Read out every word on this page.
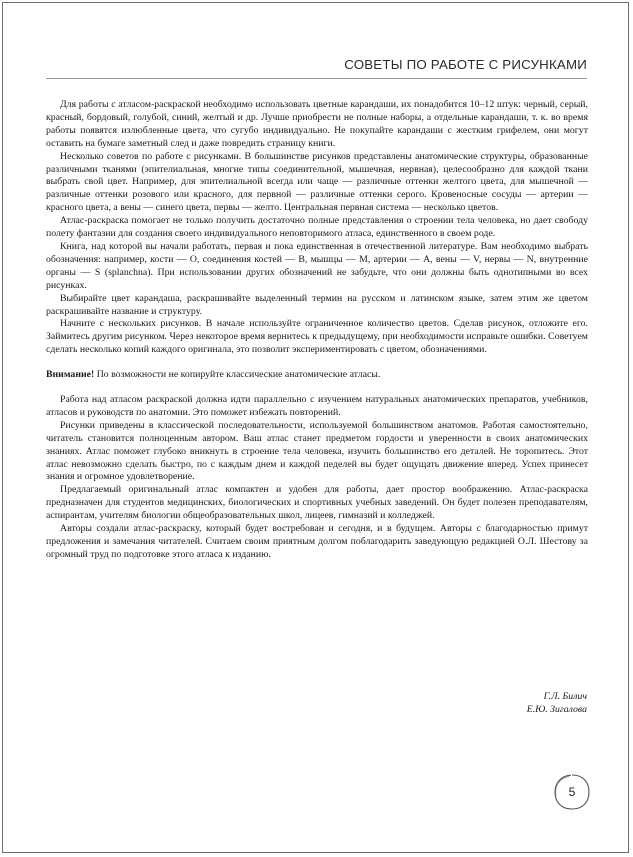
СОВЕТЫ ПО РАБОТЕ С РИСУНКАМИ

Для работы с атласом-раскраской необходимо использовать цветные карандаши, их понадобится 10–12 штук: черный, серый, красный, бордовый, голубой, синий, желтый и др. Лучше приобрести не полные наборы, а отдельные карандаши, т. к. во время работы появятся излюбленные цвета, что сугубо индивидуально. Не покупайте карандаши с жестким грифелем, они могут оставить на бумаге заметный след и даже повредить страницу книги.

Несколько советов по работе с рисунками. В большинстве рисунков представлены анатомические структуры, образованные различными тканями (эпителиальная, многие типы соединительной, мышечная, нервная), целесообразно для каждой ткани выбрать свой цвет. Например, для эпителиальной всегда или чаще — различные оттенки желтого цвета, для мышечной — различные оттенки розового или красного, для первной — различные оттенки серого. Кровеносные сосуды — артерии — красного цвета, а вены — синего цвета, первы — желто. Центральная первная система — несколько цветов.

Атлас-раскраска помогает не только получить достаточно полные представления о строении тела человека, но дает свободу полету фантазии для создания своего индивидуального неповторимого атласа, единственного в своем роде.

Книга, над которой вы начали работать, первая и пока единственная в отечественной литературе. Вам необходимо выбрать обозначения: например, кости — O, соединения костей — B, мышцы — M, артерии — A, вены — V, нервы — N, внутренние органы — S (splanchna). При использовании других обозначений не забудьте, что они должны быть однотипными во всех рисунках.

Выбирайте цвет карандаша, раскрашивайте выделенный термин на русском и латинском языке, затем этим же цветом раскрашивайте название и структуру.

Начните с нескольких рисунков. В начале используйте ограниченное количество цветов. Сделав рисунок, отложите его. Займитесь другим рисунком. Через некоторое время вернитесь к предыдущему, при необходимости исправьте ошибки. Советуем сделать несколько копий каждого оригинала, это позволит экспериментировать с цветом, обозначениями.

Внимание! По возможности не копируйте классические анатомические атласы.

Работа над атласом раскраской должна идти параллельно с изучением натуральных анатомических препаратов, учебников, атласов и руководств по анатомии. Это поможет избежать повторений.

Рисунки приведены в классической последовательности, используемой большинством анатомов. Работая самостоятельно, читатель становится полноценным автором. Ваш атлас станет предметом гордости и уверенности в своих анатомических знаниях. Атлас поможет глубоко вникнуть в строение тела человека, изучить большинство его деталей. Не торопитесь. Этот атлас невозможно сделать быстро, по с каждым днем и каждой педелей вы будет ощущать движение вперед. Успех принесет знания и огромное удовлетворение.

Предлагаемый оригинальный атлас компактен и удобен для работы, дает простор воображению. Атлас-раскраска предназначен для студентов медицинских, биологических и спортивных учебных заведений. Он будет полезен преподавателям, аспирантам, учителям биологии общеобразовательных школ, лицеев, гимназий и колледжей.

Авторы создали атлас-раскраску, который будет востребован и сегодня, и в будущем. Авторы с благодарностью примут предложения и замечания читателей. Считаем своим приятным долгом поблагодарить заведующую редакцией О.Л. Шестову за огромный труд по подготовке этого атласа к изданию.

Г.Л. Билич
Е.Ю. Зигалова
5
